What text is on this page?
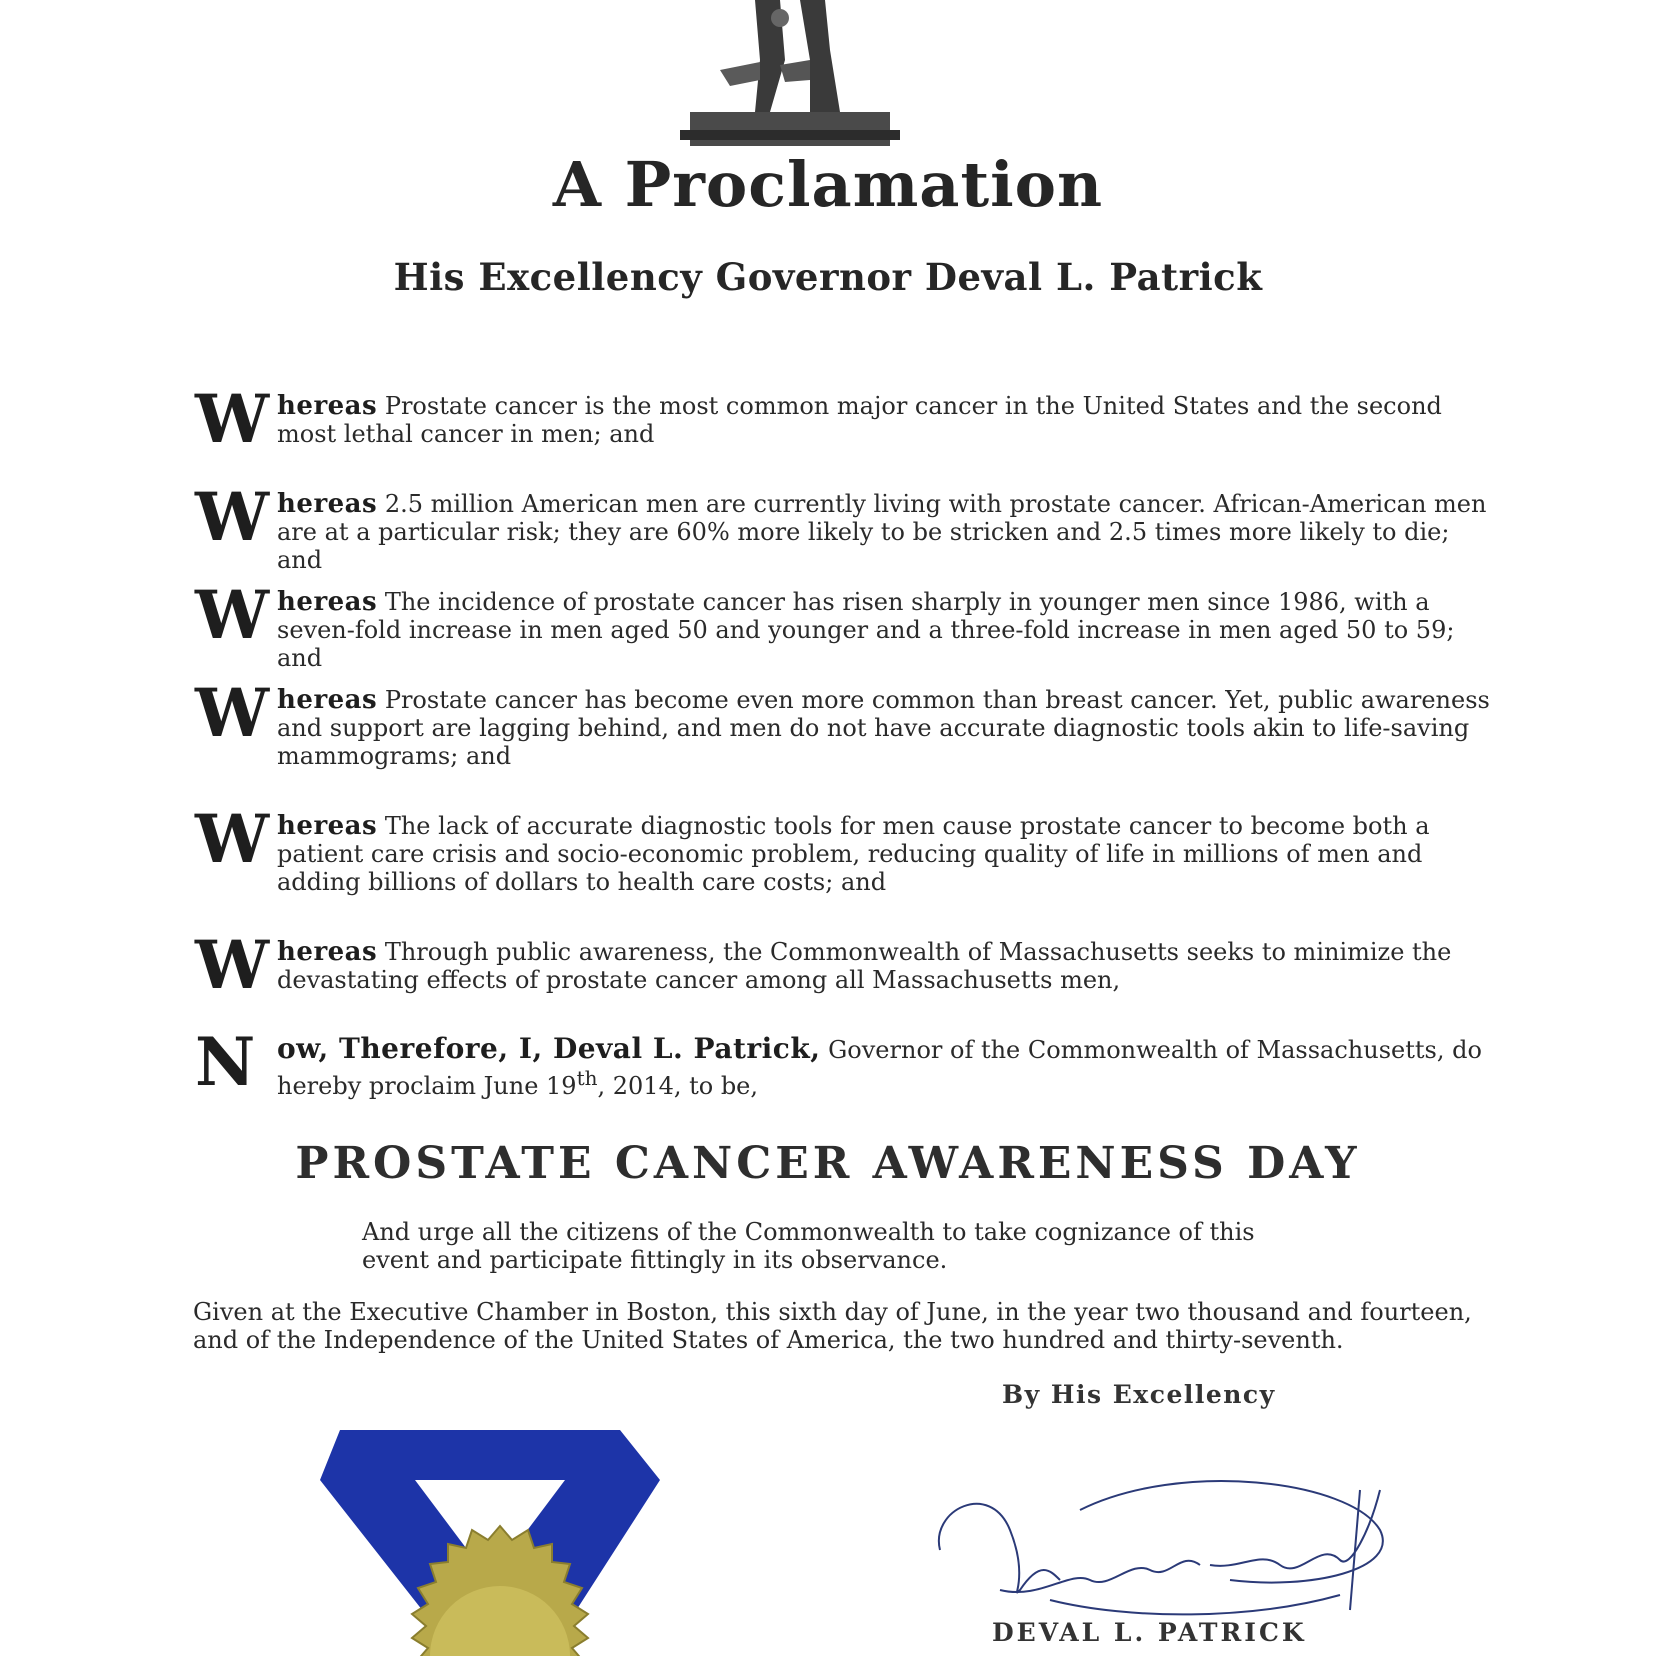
A Proclamation
His Excellency Governor Deval L. Patrick
W hereas Prostate cancer is the most common major cancer in the United States and the second most lethal cancer in men; and
W hereas 2.5 million American men are currently living with prostate cancer. African-American men are at a particular risk; they are 60% more likely to be stricken and 2.5 times more likely to die; and
W hereas The incidence of prostate cancer has risen sharply in younger men since 1986, with a seven-fold increase in men aged 50 and younger and a three-fold increase in men aged 50 to 59; and
W hereas Prostate cancer has become even more common than breast cancer. Yet, public awareness and support are lagging behind, and men do not have accurate diagnostic tools akin to life-saving mammograms; and
W hereas The lack of accurate diagnostic tools for men cause prostate cancer to become both a patient care crisis and socio-economic problem, reducing quality of life in millions of men and adding billions of dollars to health care costs; and
W hereas Through public awareness, the Commonwealth of Massachusetts seeks to minimize the devastating effects of prostate cancer among all Massachusetts men,
N ow, Therefore, I, Deval L. Patrick, Governor of the Commonwealth of Massachusetts, do hereby proclaim June 19th, 2014, to be,
PROSTATE CANCER AWARENESS DAY
And urge all the citizens of the Commonwealth to take cognizance of this event and participate fittingly in its observance.
Given at the Executive Chamber in Boston, this sixth day of June, in the year two thousand and fourteen, and of the Independence of the United States of America, the two hundred and thirty-seventh.
By His Excellency
DEVAL L. PATRICK
